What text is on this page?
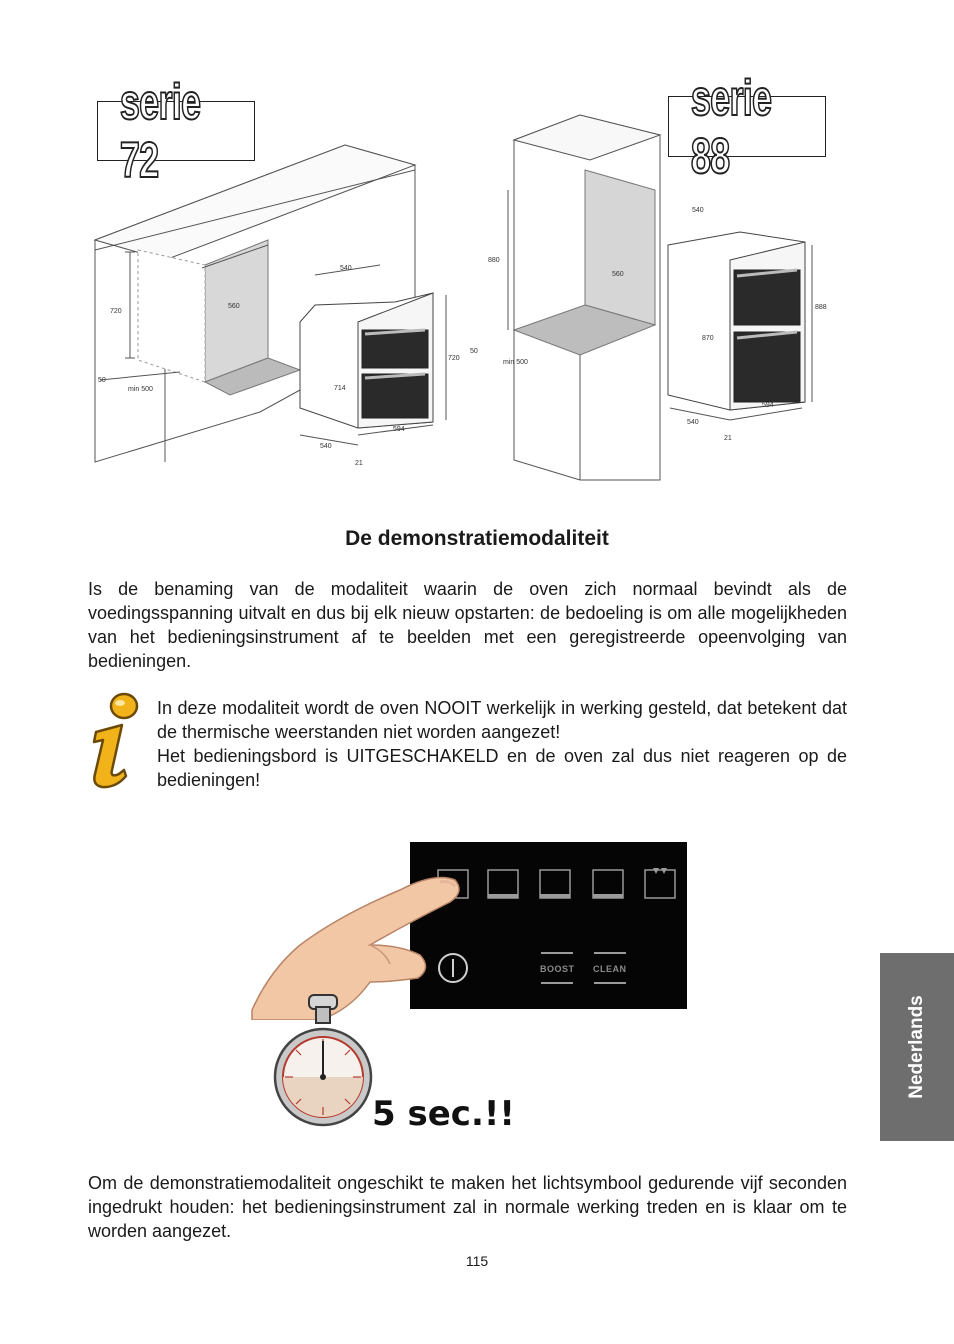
540
560
720
720
50
min 500	714
540
594
21
880
560
50
min 500
540
888
870
594
540
21
serie 72
serie 88
De demonstratiemodaliteit

Is de benaming van de modaliteit waarin de oven zich normaal bevindt als de voedingsspanning uitvalt en dus bij elk nieuw opstarten: de bedoeling is om alle mogelijkheden van het bedieningsinstrument af te beelden met een geregistreerde opeenvolging van bedieningen.

In deze modaliteit wordt de oven NOOIT werkelijk in werking gesteld, dat betekent dat de thermische weerstanden niet worden aangezet!

Het bedieningsbord is UITGESCHAKELD en de oven zal dus niet reageren op de bedieningen!

BOOST CLEAN
5 sec.!!

Om de demonstratiemodaliteit ongeschikt te maken het lichtsymbool gedurende vijf seconden ingedrukt houden: het bedieningsinstrument zal in normale werking treden en is klaar om te worden aangezet.

Nederlands
115
